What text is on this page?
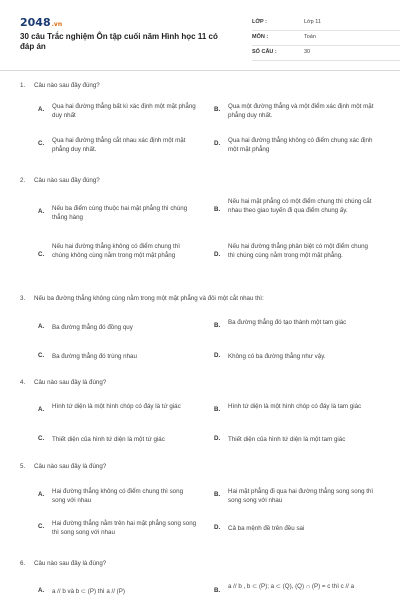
2048.vn
30 câu Trắc nghiệm Ôn tập cuối năm Hình học 11 có đáp án
LỚP :	Lớp 11
MÔN :	Toán
SỐ CÂU :	30
1. Câu nào sau đây đúng?
A. Qua hai đường thẳng bất kì xác định một mặt phẳng duy nhất
B. Qua một đường thẳng và một điểm xác định một mặt phẳng duy nhất.
C. Qua hai đường thẳng cắt nhau xác định một mặt phẳng duy nhất.
D. Qua hai đường thẳng không có điểm chung xác định một mặt phẳng
2. Câu nào sau đây đúng?
A. Nếu ba điểm cùng thuộc hai mặt phẳng thì chúng thẳng hàng
B.
Nếu hai mặt phẳng có một điểm chung thì chúng cắt nhau theo giao tuyến đi qua điểm chung ấy.
C.
Nếu hai đường thẳng không có điểm chung thì chúng không cùng nằm trong một mặt phẳng	D.
Nếu hai đường thẳng phân biệt có một điểm chung thì chúng cùng nằm trong một mặt phẳng.
3. Nếu ba đường thẳng không cùng nằm trong một mặt phẳng và đôi một cắt nhau thì:
A. Ba đường thẳng đó đồng quy	B. Ba đường thẳng đó tạo thành một tam giác
C. Ba đường thẳng đó trùng nhau	D. Không có ba đường thẳng như vậy.
4. Câu nào sau đây là đúng?
A. Hình tứ diện là một hình chóp có đáy là tứ giác	B. Hình tứ diện là một hình chóp có đáy là tam giác
C. Thiết diện của hình tứ diện là một tứ giác	D. Thiết diện của hình tứ diện là một tam giác
5. Câu nào sau đây là đúng?
A. Hai đường thẳng không có điểm chung thì song song với nhau
B. Hai mặt phẳng đi qua hai đường thẳng song song thì song song với nhau
C. Hai đường thẳng nằm trên hai mặt phẳng song song thì song song với nhau
D. Cả ba mệnh đề trên đều sai
6. Câu nào sau đây là đúng?
A. a // b và b ⊂ (P) thì a // (P)	B.
a // b , b ⊂ (P); a ⊂ (Q), (Q) ∩ (P) = c thì c // a
